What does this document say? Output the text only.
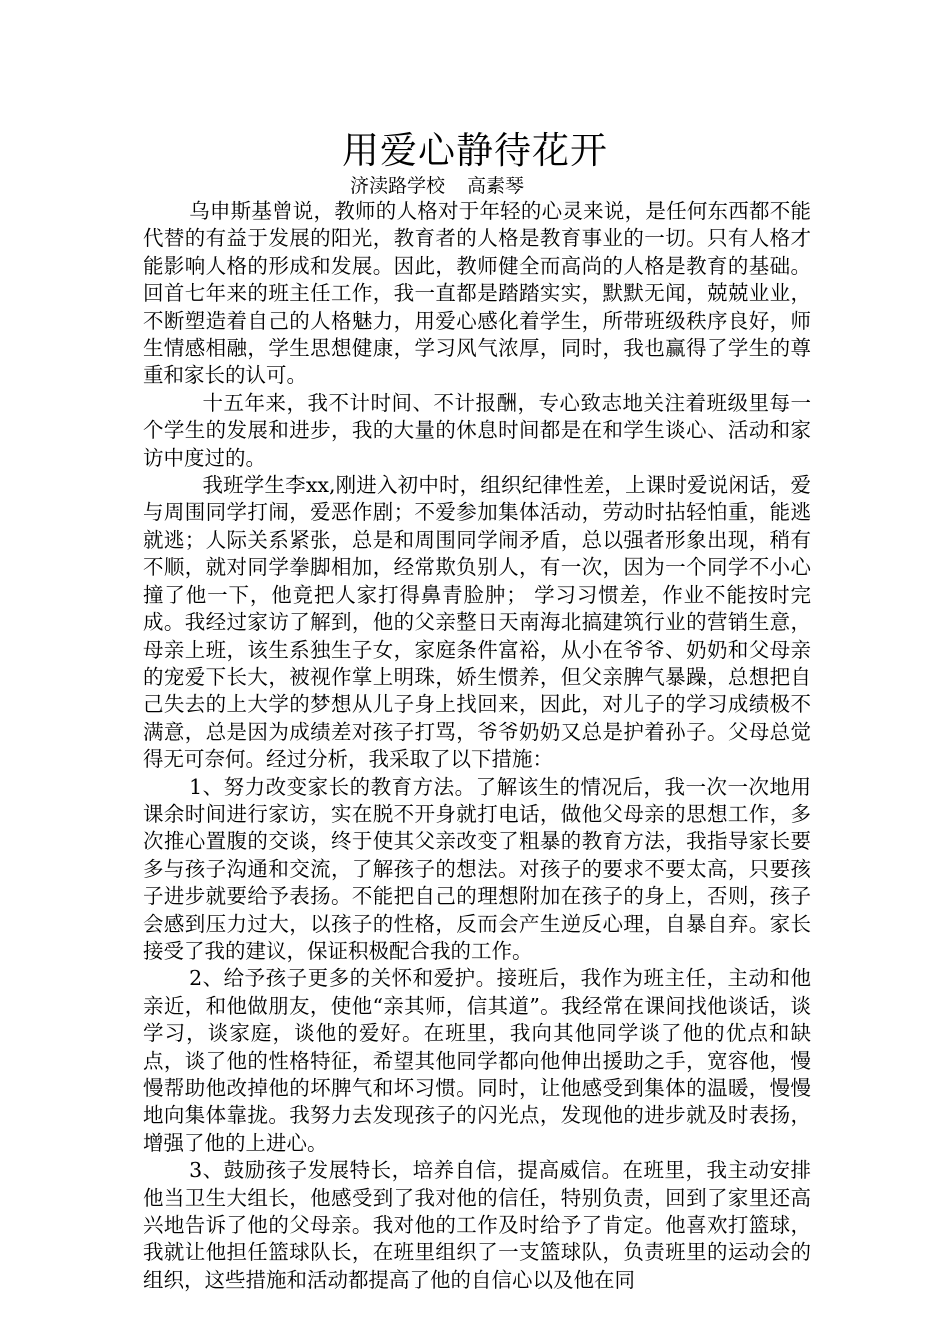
用爱心静待花开
济渎路学校 高素琴

乌申斯基曾说，教师的人格对于年轻的心灵来说，是任何东西都不能代替的有益于发展的阳光，教育者的人格是教育事业的一切。只有人格才能影响人格的形成和发展。因此，教师健全而高尚的人格是教育的基础。回首七年来的班主任工作，我一直都是踏踏实实，默默无闻，兢兢业业，不断塑造着自己的人格魅力，用爱心感化着学生，所带班级秩序良好，师生情感相融，学生思想健康，学习风气浓厚，同时，我也赢得了学生的尊重和家长的认可。

十五年来，我不计时间、不计报酬，专心致志地关注着班级里每一个学生的发展和进步，我的大量的休息时间都是在和学生谈心、活动和家访中度过的。

我班学生李xx,刚进入初中时，组织纪律性差，上课时爱说闲话，爱与周围同学打闹，爱恶作剧；不爱参加集体活动，劳动时拈轻怕重，能逃就逃；人际关系紧张，总是和周围同学闹矛盾，总以强者形象出现，稍有不顺，就对同学拳脚相加，经常欺负别人，有一次，因为一个同学不小心撞了他一下，他竟把人家打得鼻青脸肿； 学习习惯差，作业不能按时完成。我经过家访了解到，他的父亲整日天南海北搞建筑行业的营销生意，母亲上班，该生系独生子女，家庭条件富裕，从小在爷爷、奶奶和父母亲的宠爱下长大，被视作掌上明珠，娇生惯养，但父亲脾气暴躁，总想把自己失去的上大学的梦想从儿子身上找回来，因此，对儿子的学习成绩极不满意，总是因为成绩差对孩子打骂，爷爷奶奶又总是护着孙子。父母总觉得无可奈何。经过分析，我采取了以下措施：

1、努力改变家长的教育方法。了解该生的情况后，我一次一次地用课余时间进行家访，实在脱不开身就打电话，做他父母亲的思想工作，多次推心置腹的交谈，终于使其父亲改变了粗暴的教育方法，我指导家长要多与孩子沟通和交流，了解孩子的想法。对孩子的要求不要太高，只要孩子进步就要给予表扬。不能把自己的理想附加在孩子的身上，否则，孩子会感到压力过大，以孩子的性格，反而会产生逆反心理，自暴自弃。家长接受了我的建议，保证积极配合我的工作。

2、给予孩子更多的关怀和爱护。接班后，我作为班主任，主动和他亲近，和他做朋友，使他“亲其师，信其道”。我经常在课间找他谈话，谈学习，谈家庭，谈他的爱好。在班里，我向其他同学谈了他的优点和缺点，谈了他的性格特征，希望其他同学都向他伸出援助之手，宽容他，慢慢帮助他改掉他的坏脾气和坏习惯。同时，让他感受到集体的温暖，慢慢地向集体靠拢。我努力去发现孩子的闪光点，发现他的进步就及时表扬，增强了他的上进心。

3、鼓励孩子发展特长，培养自信，提高威信。在班里，我主动安排他当卫生大组长，他感受到了我对他的信任，特别负责，回到了家里还高兴地告诉了他的父母亲。我对他的工作及时给予了肯定。他喜欢打篮球，我就让他担任篮球队长，在班里组织了一支篮球队，负责班里的运动会的组织，这些措施和活动都提高了他的自信心以及他在同
